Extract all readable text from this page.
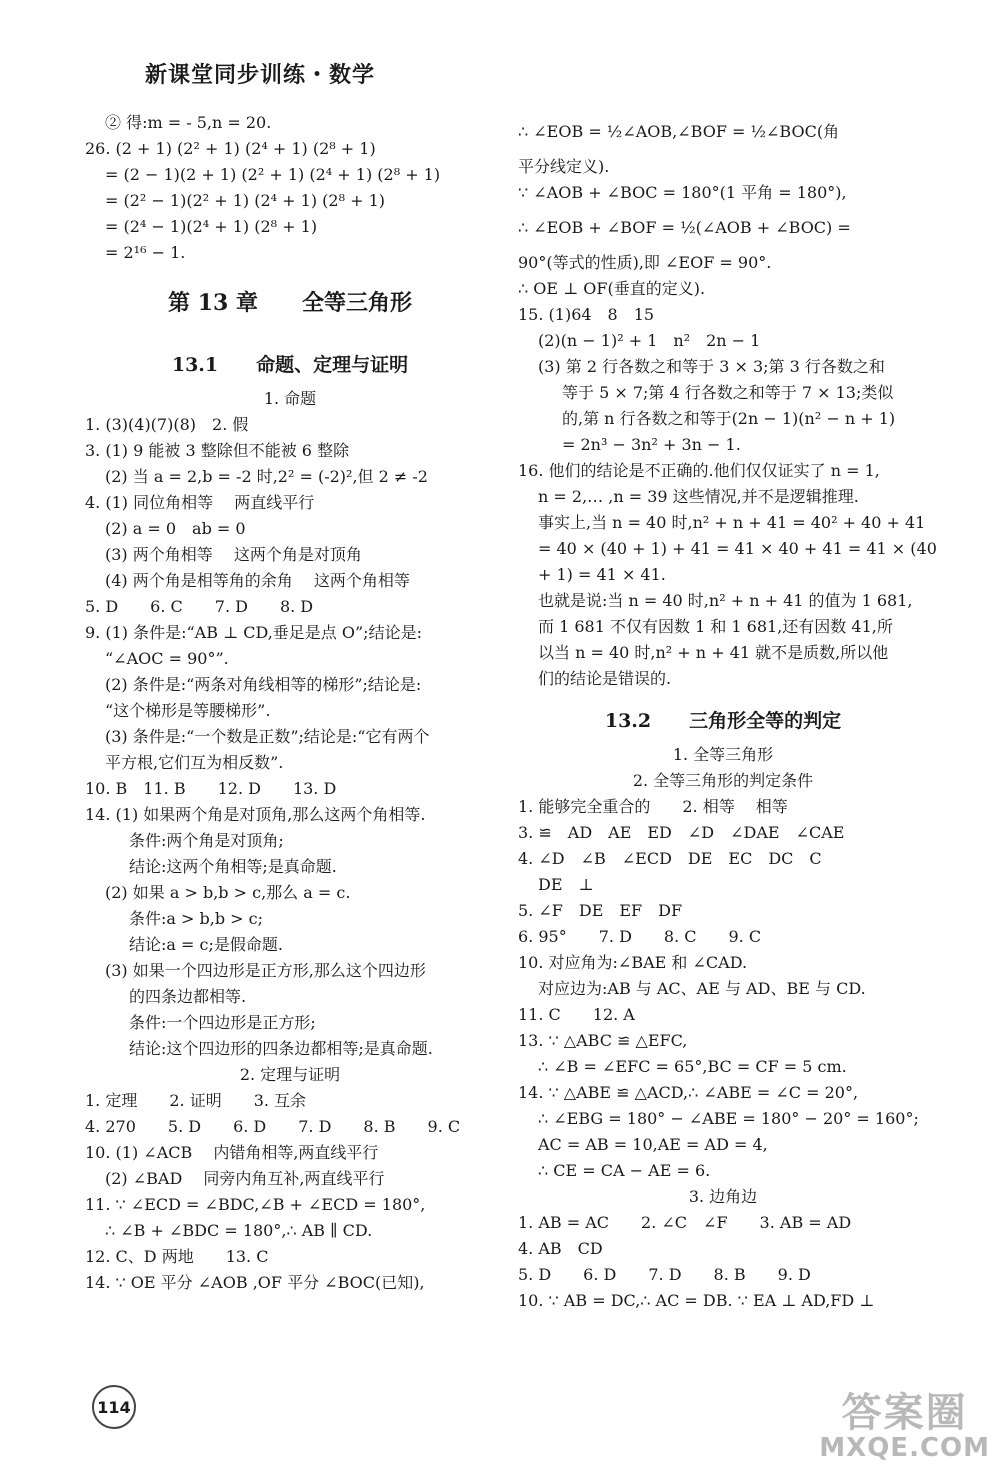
新课堂同步训练・数学
② 得:m = - 5,n = 20.
26. (2 + 1) (2² + 1) (2⁴ + 1) (2⁸ + 1)
= (2 − 1)(2 + 1) (2² + 1) (2⁴ + 1) (2⁸ + 1)
= (2² − 1)(2² + 1) (2⁴ + 1) (2⁸ + 1)
= (2⁴ − 1)(2⁴ + 1) (2⁸ + 1)
= 2¹⁶ − 1.
第 13 章　　全等三角形
13.1　　命题、定理与证明
1. 命题
1. (3)(4)(7)(8)　2. 假
3. (1) 9 能被 3 整除但不能被 6 整除
(2) 当 a = 2,b = -2 时,2² = (-2)²,但 2 ≠ -2
4. (1) 同位角相等　 两直线平行
(2) a = 0　ab = 0
(3) 两个角相等　 这两个角是对顶角
(4) 两个角是相等角的余角　 这两个角相等
5. D　　6. C　　7. D　　8. D
9. (1) 条件是:“AB ⊥ CD,垂足是点 O”;结论是:
“∠AOC = 90°”.
(2) 条件是:“两条对角线相等的梯形”;结论是:
“这个梯形是等腰梯形”.
(3) 条件是:“一个数是正数”;结论是:“它有两个
平方根,它们互为相反数”.
10. B　11. B　　12. D　　13. D
14. (1) 如果两个角是对顶角,那么这两个角相等.
条件:两个角是对顶角;
结论:这两个角相等;是真命题.
(2) 如果 a > b,b > c,那么 a = c.
条件:a > b,b > c;
结论:a = c;是假命题.
(3) 如果一个四边形是正方形,那么这个四边形
的四条边都相等.
条件:一个四边形是正方形;
结论:这个四边形的四条边都相等;是真命题.
2. 定理与证明
1. 定理　　2. 证明　　3. 互余
4. 270　　5. D　　6. D　　7. D　　8. B　　9. C
10. (1) ∠ACB　 内错角相等,两直线平行
(2) ∠BAD　 同旁内角互补,两直线平行
11. ∵ ∠ECD = ∠BDC,∠B + ∠ECD = 180°,
∴ ∠B + ∠BDC = 180°,∴ AB ∥ CD.
12. C、D 两地　　13. C
14. ∵ OE 平分 ∠AOB ,OF 平分 ∠BOC(已知),
∴ ∠EOB = ½∠AOB,∠BOF = ½∠BOC(角
平分线定义).
∵ ∠AOB + ∠BOC = 180°(1 平角 = 180°),
∴ ∠EOB + ∠BOF = ½(∠AOB + ∠BOC) =
90°(等式的性质),即 ∠EOF = 90°.
∴ OE ⊥ OF(垂直的定义).
15. (1)64　8　15
(2)(n − 1)² + 1　n²　2n − 1
(3) 第 2 行各数之和等于 3 × 3;第 3 行各数之和
等于 5 × 7;第 4 行各数之和等于 7 × 13;类似
的,第 n 行各数之和等于(2n − 1)(n² − n + 1)
= 2n³ − 3n² + 3n − 1.
16. 他们的结论是不正确的.他们仅仅证实了 n = 1,
n = 2,… ,n = 39 这些情况,并不是逻辑推理.
事实上,当 n = 40 时,n² + n + 41 = 40² + 40 + 41
= 40 × (40 + 1) + 41 = 41 × 40 + 41 = 41 × (40
+ 1) = 41 × 41.
也就是说:当 n = 40 时,n² + n + 41 的值为 1 681,
而 1 681 不仅有因数 1 和 1 681,还有因数 41,所
以当 n = 40 时,n² + n + 41 就不是质数,所以他
们的结论是错误的.
13.2　　三角形全等的判定
1. 全等三角形
2. 全等三角形的判定条件
1. 能够完全重合的　　2. 相等　 相等
3. ≌　AD　AE　ED　∠D　∠DAE　∠CAE
4. ∠D　∠B　∠ECD　DE　EC　DC　C
DE　⊥
5. ∠F　DE　EF　DF
6. 95°　　7. D　　8. C　　9. C
10. 对应角为:∠BAE 和 ∠CAD.
对应边为:AB 与 AC、AE 与 AD、BE 与 CD.
11. C　　12. A
13. ∵ △ABC ≌ △EFC,
∴ ∠B = ∠EFC = 65°,BC = CF = 5 cm.
14. ∵ △ABE ≌ △ACD,∴ ∠ABE = ∠C = 20°,
∴ ∠EBG = 180° − ∠ABE = 180° − 20° = 160°;
AC = AB = 10,AE = AD = 4,
∴ CE = CA − AE = 6.
3. 边角边
1. AB = AC　　2. ∠C　∠F　　3. AB = AD
4. AB　CD
5. D　　6. D　　7. D　　8. B　　9. D
10. ∵ AB = DC,∴ AC = DB. ∵ EA ⊥ AD,FD ⊥
114	答案圈
MXQE.COM
